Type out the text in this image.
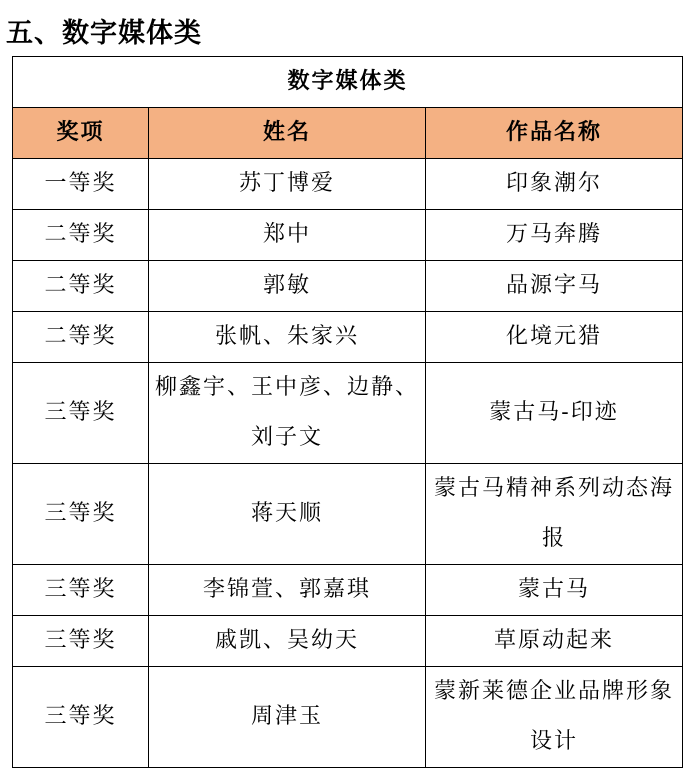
五、数字媒体类
数字媒体类		
奖项	姓名	作品名称
一等奖	苏丁博爱	印象潮尔
二等奖	郑中	万马奔腾
二等奖	郭敏	品源字马
二等奖	张帆、朱家兴	化境元猎
三等奖	柳鑫宇、王中彦、边静、刘子文	蒙古马-印迹
三等奖	蒋天顺	蒙古马精神系列动态海报
三等奖	李锦萱、郭嘉琪	蒙古马
三等奖	戚凯、吴幼天	草原动起来
三等奖	周津玉	蒙新莱德企业品牌形象设计
